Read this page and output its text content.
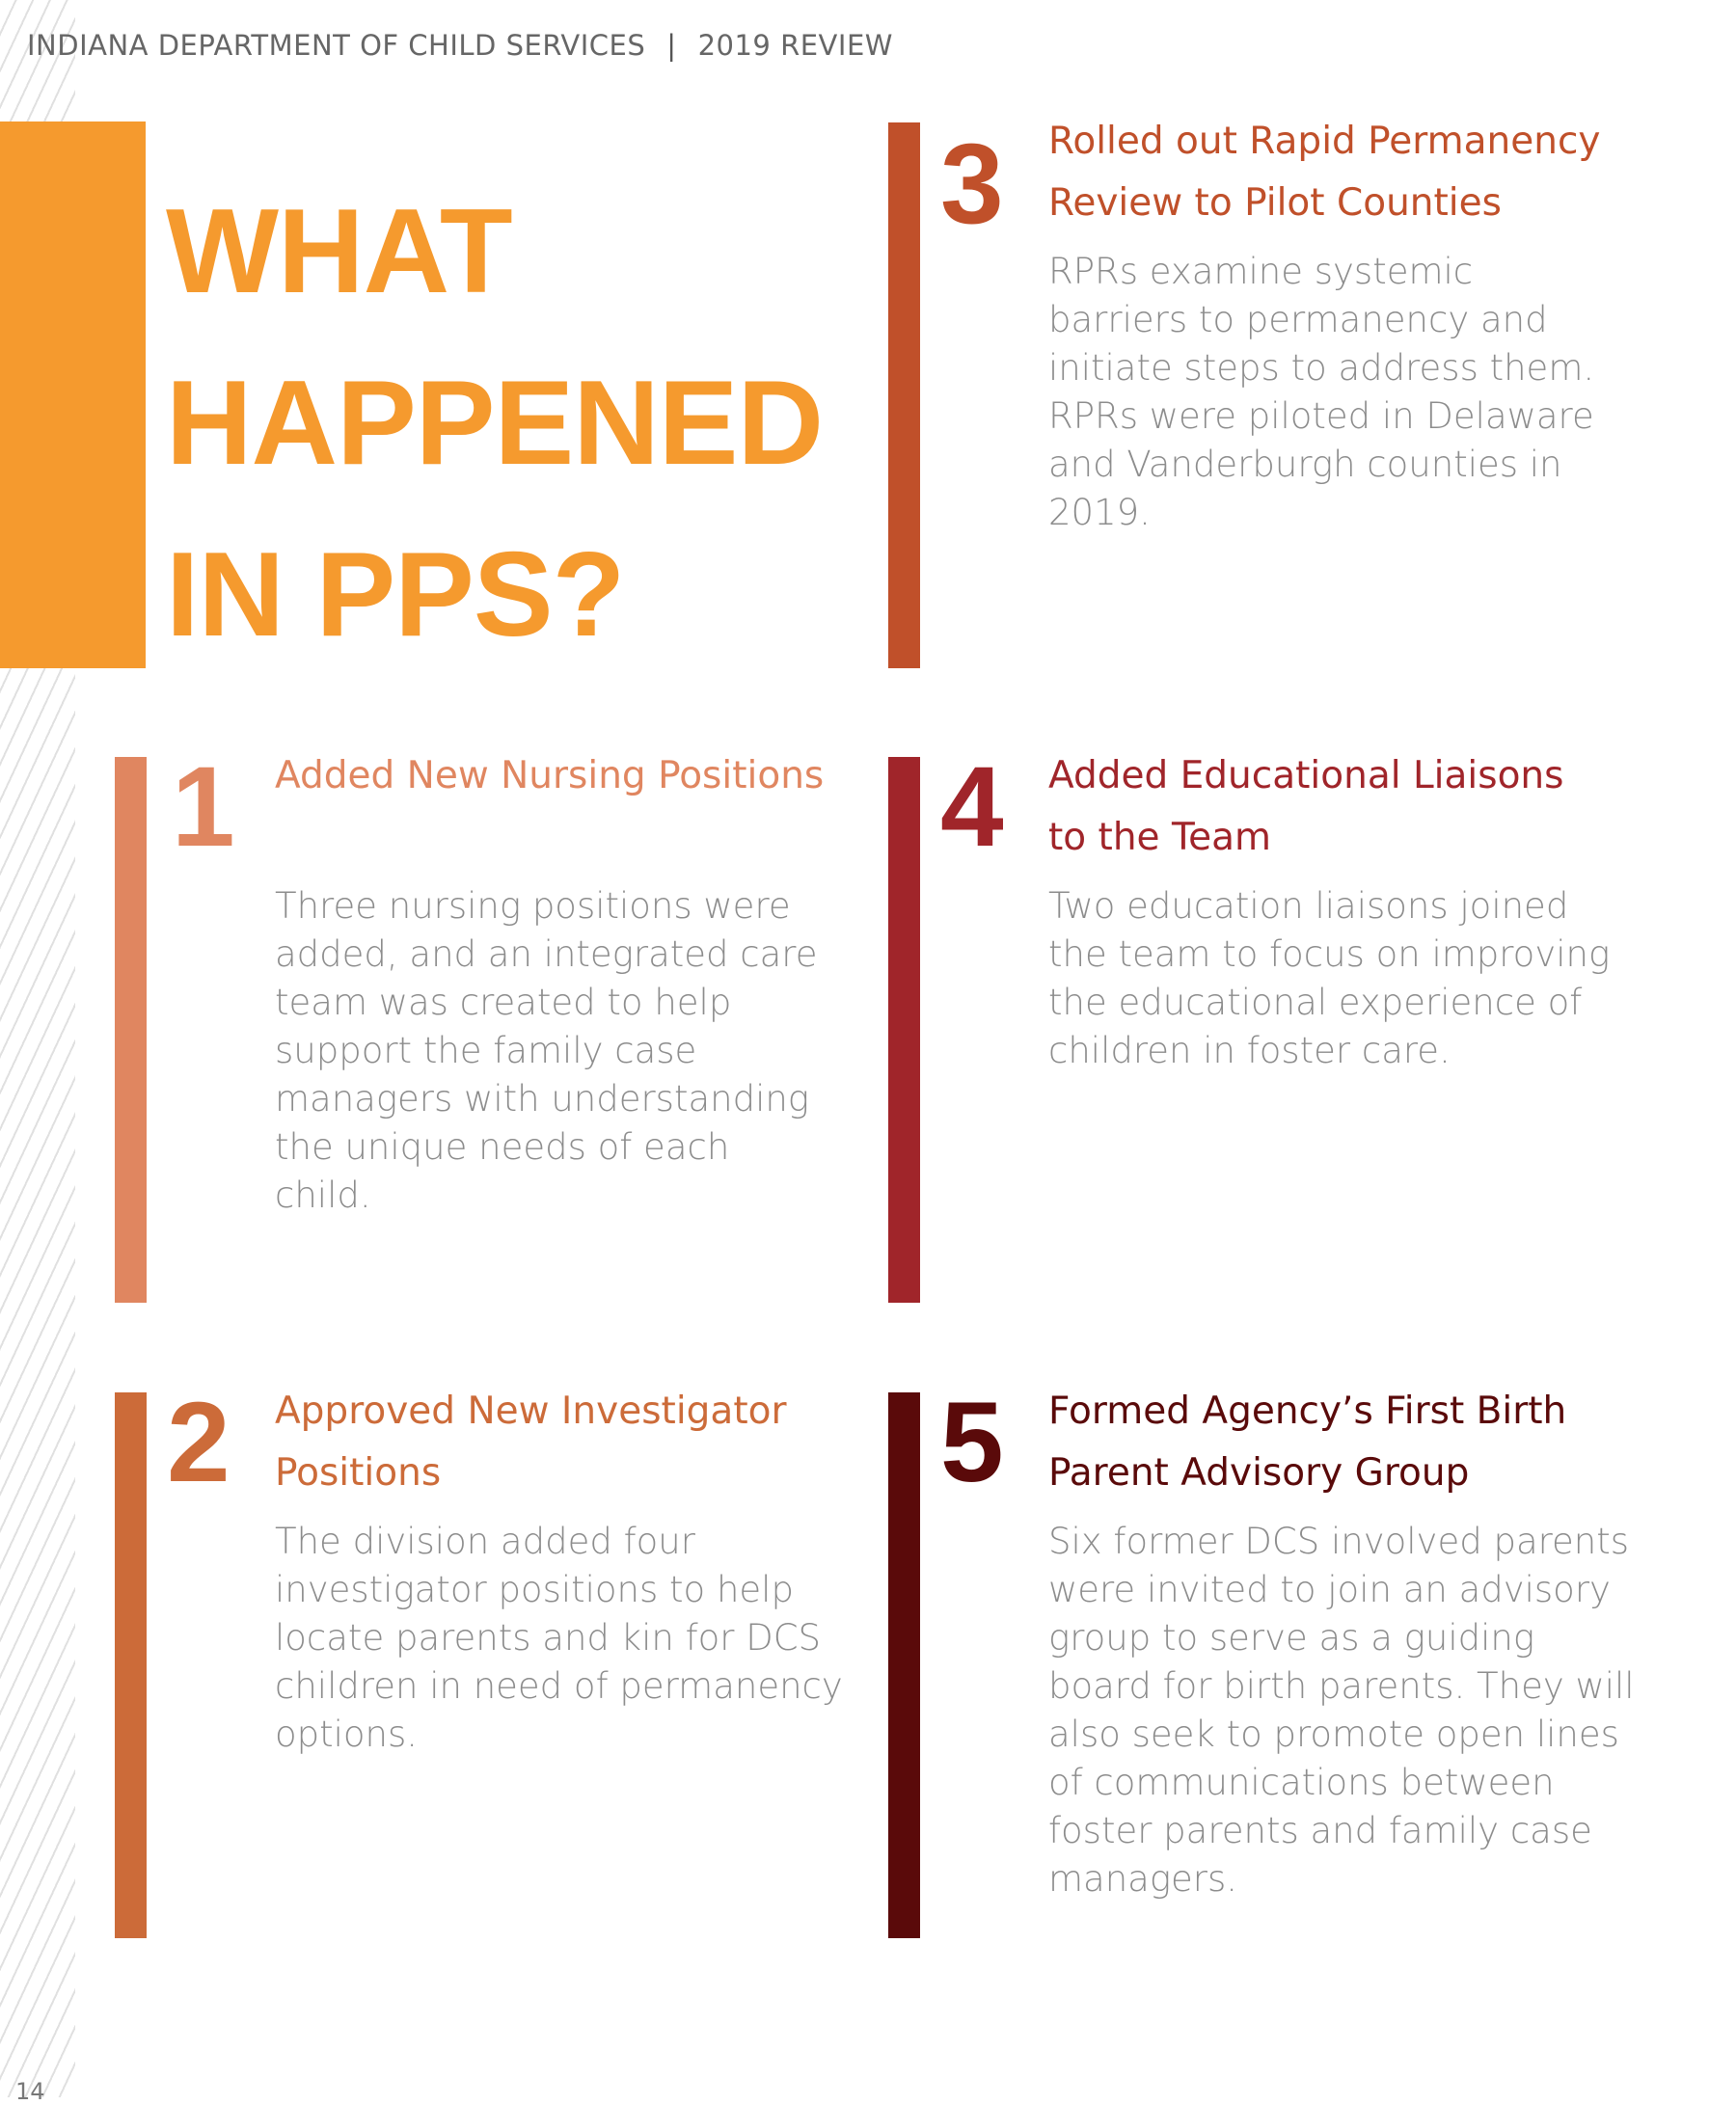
INDIANA DEPARTMENT OF CHILD SERVICES | 2019 REVIEW
WHAT
HAPPENED
IN PPS?
3 Rolled out Rapid Permanency Review to Pilot Counties
RPRs examine systemic barriers to permanency and initiate steps to address them. RPRs were piloted in Delaware and Vanderburgh counties in 2019.
1 Added New Nursing Positions
Three nursing positions were added, and an integrated care team was created to help support the family case managers with understanding the unique needs of each child.
4 Added Educational Liaisons to the Team
Two education liaisons joined the team to focus on improving the educational experience of children in foster care.
2 Approved New Investigator Positions
The division added four investigator positions to help locate parents and kin for DCS children in need of permanency options.
5 Formed Agency’s First Birth Parent Advisory Group
Six former DCS involved parents were invited to join an advisory group to serve as a guiding board for birth parents. They will also seek to promote open lines of communications between foster parents and family case managers.
14
